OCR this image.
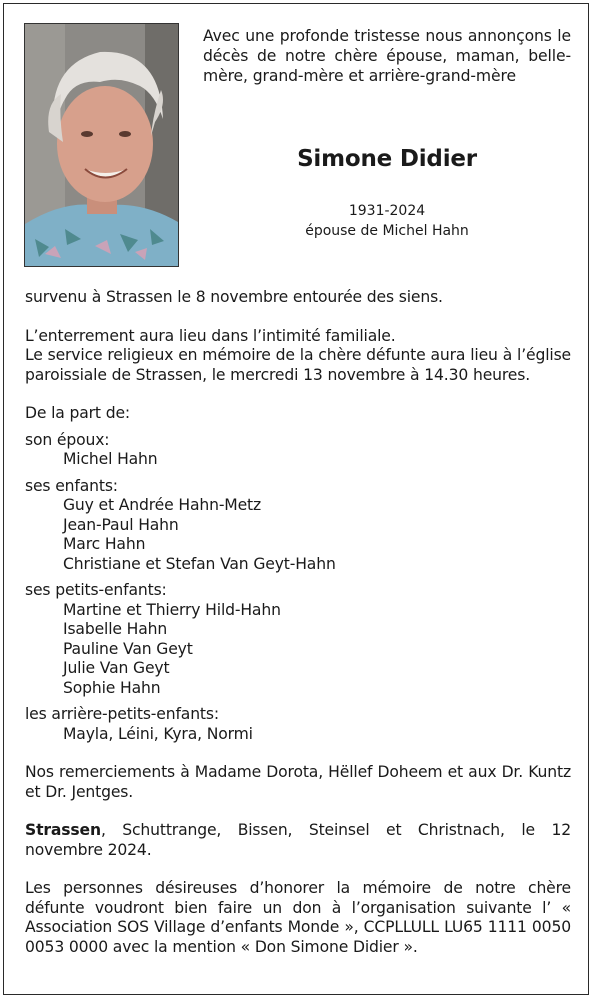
Avec une profonde tristesse nous annonçons le décès de notre chère épouse, maman, belle-mère, grand-mère et arrière-grand-mère
Simone Didier
1931-2024
épouse de Michel Hahn

survenu à Strassen le 8 novembre entourée des siens.

L’enterrement aura lieu dans l’intimité familiale.

Le service religieux en mémoire de la chère défunte aura lieu à l’église paroissiale de Strassen, le mercredi 13 novembre à 14.30 heures.

De la part de:

son époux:

Michel Hahn

ses enfants:

Guy et Andrée Hahn-Metz

Jean-Paul Hahn

Marc Hahn

Christiane et Stefan Van Geyt-Hahn

ses petits-enfants:

Martine et Thierry Hild-Hahn

Isabelle Hahn

Pauline Van Geyt

Julie Van Geyt

Sophie Hahn

les arrière-petits-enfants:

Mayla, Léini, Kyra, Normi

Nos remerciements à Madame Dorota, Hëllef Doheem et aux Dr. Kuntz et Dr. Jentges.

Strassen, Schuttrange, Bissen, Steinsel et Christnach, le 12 novembre 2024.

Les personnes désireuses d’honorer la mémoire de notre chère défunte voudront bien faire un don à l’organisation suivante l’ « Association SOS Village d’enfants Monde », CCPLLULL LU65 1111 0050 0053 0000 avec la mention « Don Simone Didier ».
